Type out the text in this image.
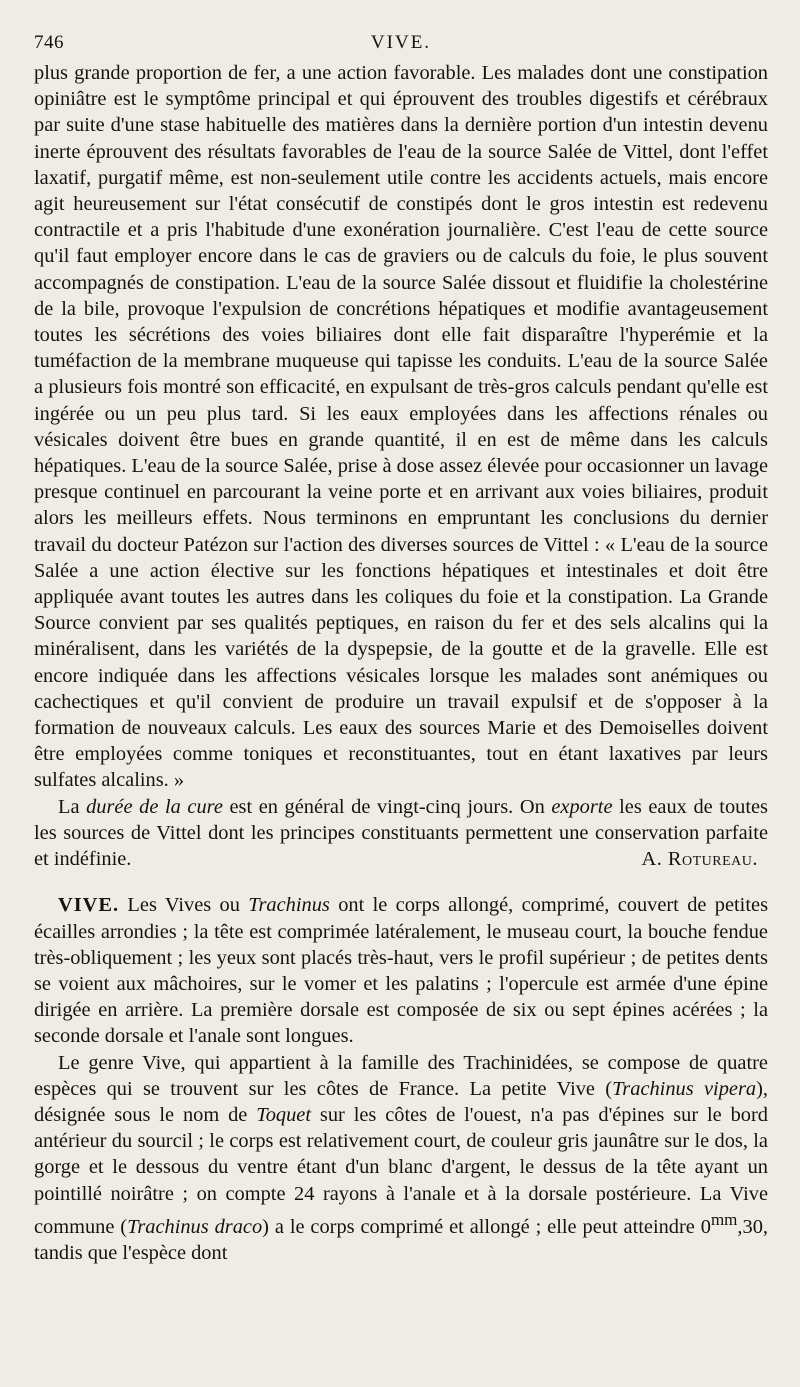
746	VIVE.

plus grande proportion de fer, a une action favorable. Les malades dont une constipation opiniâtre est le symptôme principal et qui éprouvent des troubles digestifs et cérébraux par suite d'une stase habituelle des matières dans la dernière portion d'un intestin devenu inerte éprouvent des résultats favorables de l'eau de la source Salée de Vittel, dont l'effet laxatif, purgatif même, est non-seulement utile contre les accidents actuels, mais encore agit heureusement sur l'état consécutif de constipés dont le gros intestin est redevenu contractile et a pris l'habitude d'une exonération journalière. C'est l'eau de cette source qu'il faut employer encore dans le cas de graviers ou de calculs du foie, le plus souvent accompagnés de constipation. L'eau de la source Salée dissout et fluidifie la cholestérine de la bile, provoque l'expulsion de concrétions hépatiques et modifie avantageusement toutes les sécrétions des voies biliaires dont elle fait disparaître l'hyperémie et la tuméfaction de la membrane muqueuse qui tapisse les conduits. L'eau de la source Salée a plusieurs fois montré son efficacité, en expulsant de très-gros calculs pendant qu'elle est ingérée ou un peu plus tard. Si les eaux employées dans les affections rénales ou vésicales doivent être bues en grande quantité, il en est de même dans les calculs hépatiques. L'eau de la source Salée, prise à dose assez élevée pour occasionner un lavage presque continuel en parcourant la veine porte et en arrivant aux voies biliaires, produit alors les meilleurs effets. Nous terminons en empruntant les conclusions du dernier travail du docteur Patézon sur l'action des diverses sources de Vittel : « L'eau de la source Salée a une action élective sur les fonctions hépatiques et intestinales et doit être appliquée avant toutes les autres dans les coliques du foie et la constipation. La Grande Source convient par ses qualités peptiques, en raison du fer et des sels alcalins qui la minéralisent, dans les variétés de la dyspepsie, de la goutte et de la gravelle. Elle est encore indiquée dans les affections vésicales lorsque les malades sont anémiques ou cachectiques et qu'il convient de produire un travail expulsif et de s'opposer à la formation de nouveaux calculs. Les eaux des sources Marie et des Demoiselles doivent être employées comme toniques et reconstituantes, tout en étant laxatives par leurs sulfates alcalins. »

La durée de la cure est en général de vingt-cinq jours. On exporte les eaux de toutes les sources de Vittel dont les principes constituants permettent une conservation parfaite et indéfinie.	A. Rotureau.

VIVE. Les Vives ou Trachinus ont le corps allongé, comprimé, couvert de petites écailles arrondies ; la tête est comprimée latéralement, le museau court, la bouche fendue très-obliquement ; les yeux sont placés très-haut, vers le profil supérieur ; de petites dents se voient aux mâchoires, sur le vomer et les palatins ; l'opercule est armée d'une épine dirigée en arrière. La première dorsale est composée de six ou sept épines acérées ; la seconde dorsale et l'anale sont longues.

Le genre Vive, qui appartient à la famille des Trachinidées, se compose de quatre espèces qui se trouvent sur les côtes de France. La petite Vive (Trachinus vipera), désignée sous le nom de Toquet sur les côtes de l'ouest, n'a pas d'épines sur le bord antérieur du sourcil ; le corps est relativement court, de couleur gris jaunâtre sur le dos, la gorge et le dessous du ventre étant d'un blanc d'argent, le dessus de la tête ayant un pointillé noirâtre ; on compte 24 rayons à l'anale et à la dorsale postérieure. La Vive commune (Trachinus draco) a le corps comprimé et allongé ; elle peut atteindre $0^{mm},30$, tandis que l'espèce dont
